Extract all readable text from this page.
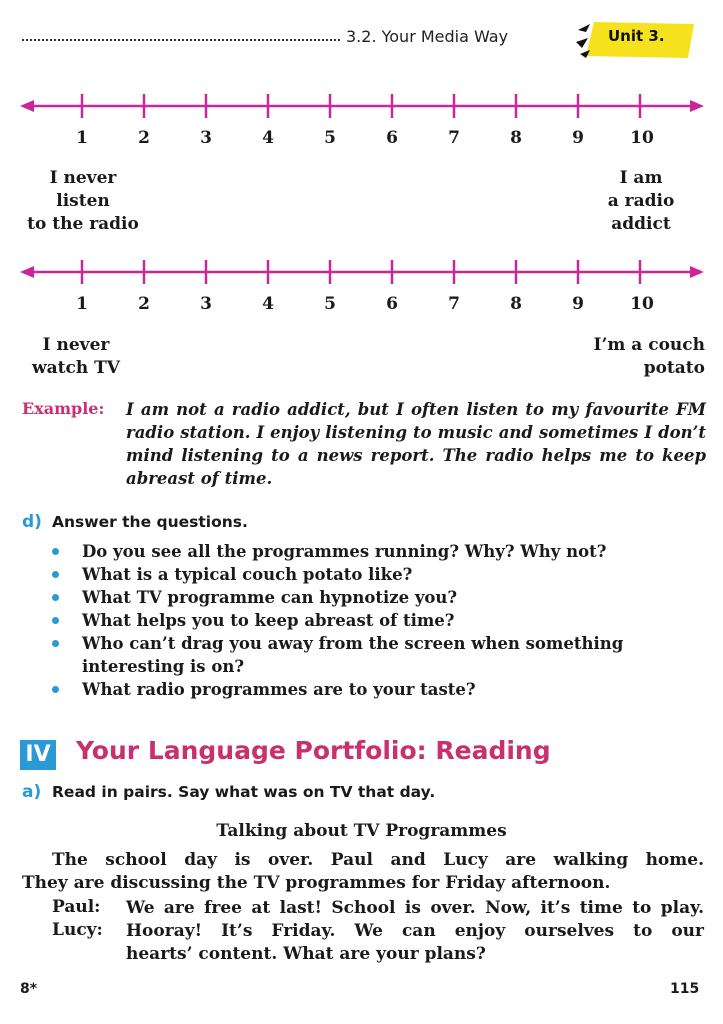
3.2. Your Media Way	Unit 3.
1	2	3	4	5	6	7	8	9	10
I never
listen
to the radio
I am
a radio
addict
1	2	3	4	5	6	7	8	9	10
I never
watch TV
I’m a couch
potato
Example: I am not a radio addict, but I often listen to my favourite FM radio station. I enjoy listening to music and sometimes I don’t mind listening to a news report. The radio helps me to keep abreast of time.
d) Answer the questions.
Do you see all the programmes running? Why? Why not?
What is a typical couch potato like?
What TV programme can hypnotize you?
What helps you to keep abreast of time?
Who can’t drag you away from the screen when something interesting is on?
What radio programmes are to your taste?
IV Your Language Portfolio: Reading
a) Read in pairs. Say what was on TV that day.
Talking about TV Programmes
The school day is over. Paul and Lucy are walking home.
They are discussing the TV programmes for Friday afternoon.
Paul: We are free at last! School is over. Now, it’s time to play.
Lucy: Hooray! It’s Friday. We can enjoy ourselves to our
hearts’ content. What are your plans?
8*	115
